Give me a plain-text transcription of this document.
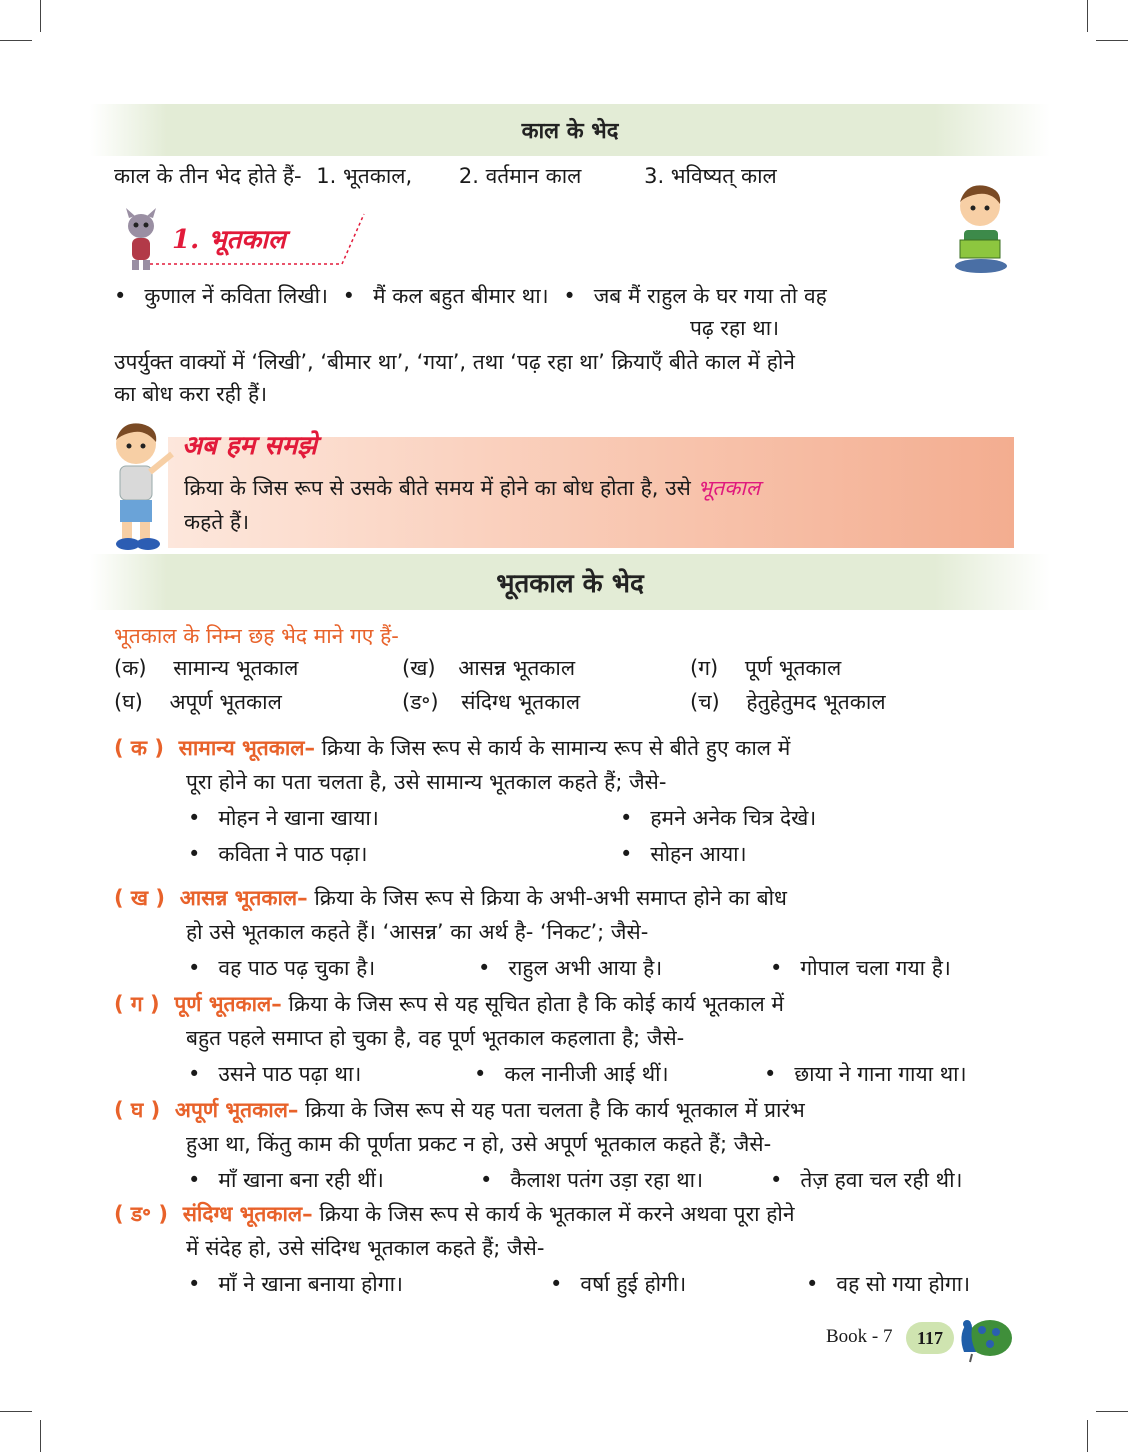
काल के भेद
काल के तीन भेद होते हैं- 1. भूतकाल, 2. वर्तमान काल	3. भविष्यत् काल
1. भूतकाल
• कुणाल नें कविता लिखी। • मैं कल बहुत बीमार था। • जब मैं राहुल के घर गया तो वह
पढ़ रहा था।
उपर्युक्त वाक्यों में ‘लिखी’, ‘बीमार था’, ‘गया’, तथा ‘पढ़ रहा था’ क्रियाएँ बीते काल में होने
का बोध करा रही हैं।
अब हम समझे
क्रिया के जिस रूप से उसके बीते समय में होने का बोध होता है, उसे भूतकाल
कहते हैं।
भूतकाल के भेद
भूतकाल के निम्न छह भेद माने गए हैं-
(क) सामान्य भूतकाल	(ख) आसन्न भूतकाल	(ग) पूर्ण भूतकाल
(घ) अपूर्ण भूतकाल	(ड॰) संदिग्ध भूतकाल	(च) हेतुहेतुमद भूतकाल
( क ) सामान्य भूतकाल– क्रिया के जिस रूप से कार्य के सामान्य रूप से बीते हुए काल में
पूरा होने का पता चलता है, उसे सामान्य भूतकाल कहते हैं; जैसे-
• मोहन ने खाना खाया।	• हमने अनेक चित्र देखे।
• कविता ने पाठ पढ़ा।	• सोहन आया।
( ख ) आसन्न भूतकाल– क्रिया के जिस रूप से क्रिया के अभी-अभी समाप्त होने का बोध
हो उसे भूतकाल कहते हैं। ‘आसन्न’ का अर्थ है- ‘निकट’; जैसे-
• वह पाठ पढ़ चुका है।	• राहुल अभी आया है।	• गोपाल चला गया है।
( ग ) पूर्ण भूतकाल– क्रिया के जिस रूप से यह सूचित होता है कि कोई कार्य भूतकाल में
बहुत पहले समाप्त हो चुका है, वह पूर्ण भूतकाल कहलाता है; जैसे-
• उसने पाठ पढ़ा था।	• कल नानीजी आई थीं।	• छाया ने गाना गाया था।
( घ ) अपूर्ण भूतकाल– क्रिया के जिस रूप से यह पता चलता है कि कार्य भूतकाल में प्रारंभ
हुआ था, किंतु काम की पूर्णता प्रकट न हो, उसे अपूर्ण भूतकाल कहते हैं; जैसे-
• माँ खाना बना रही थीं।	• कैलाश पतंग उड़ा रहा था।	• तेज़ हवा चल रही थी।
( ड॰ ) संदिग्ध भूतकाल– क्रिया के जिस रूप से कार्य के भूतकाल में करने अथवा पूरा होने
में संदेह हो, उसे संदिग्ध भूतकाल कहते हैं; जैसे-
• माँ ने खाना बनाया होगा।	• वर्षा हुई होगी।	• वह सो गया होगा।
Book - 7	117
